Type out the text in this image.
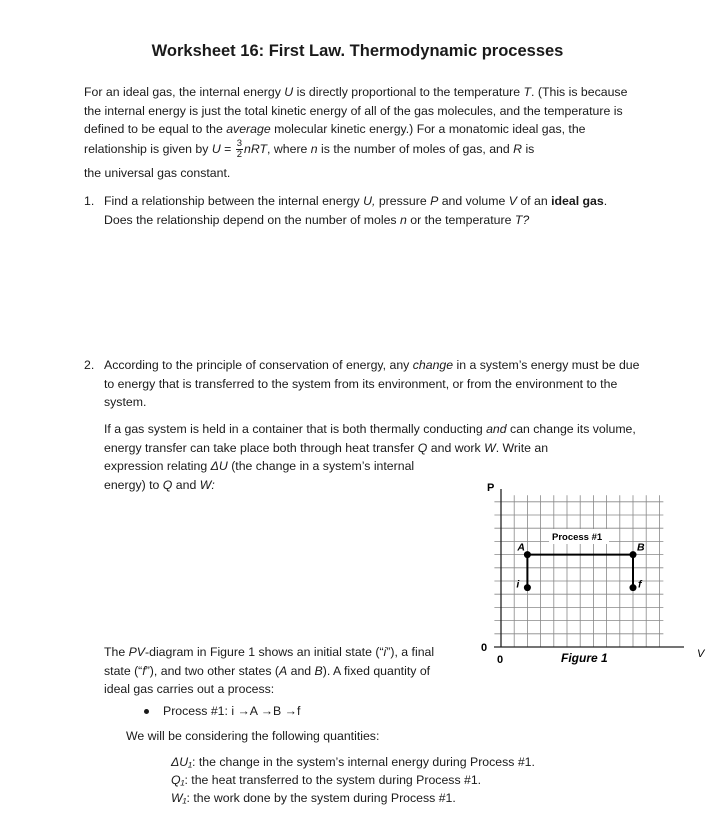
Worksheet 16: First Law. Thermodynamic processes
For an ideal gas, the internal energy U is directly proportional to the temperature T. (This is because the internal energy is just the total kinetic energy of all of the gas molecules, and the temperature is defined to be equal to the average molecular kinetic energy.) For a monatomic ideal gas, the relationship is given by $U = \frac{3}{2}$ nRT, where n is the number of moles of gas, and R is
the universal gas constant.
1. Find a relationship between the internal energy U, pressure P and volume V of an ideal gas.
Does the relationship depend on the number of moles n or the temperature T?
2. According to the principle of conservation of energy, any change in a system’s energy must be due to energy that is transferred to the system from its environment, or from the environment to the system.
If a gas system is held in a container that is both thermally conducting and can change its volume, energy transfer can take place both through heat transfer Q and work W. Write an
expression relating ΔU (the change in a system’s internal
energy) to Q and W:
The PV-diagram in Figure 1 shows an initial state (“i”), a final
state (“f”), and two other states (A and B). A fixed quantity of
ideal gas carries out a process:
Process #1: i →A →B →f
We will be considering the following quantities:
ΔU₁: the change in the system’s internal energy during Process #1.
Q₁: the heat transferred to the system during Process #1.
W₁: the work done by the system during Process #1.
P
V
0
0	Figure 1
A	B
f
i
Process #1
